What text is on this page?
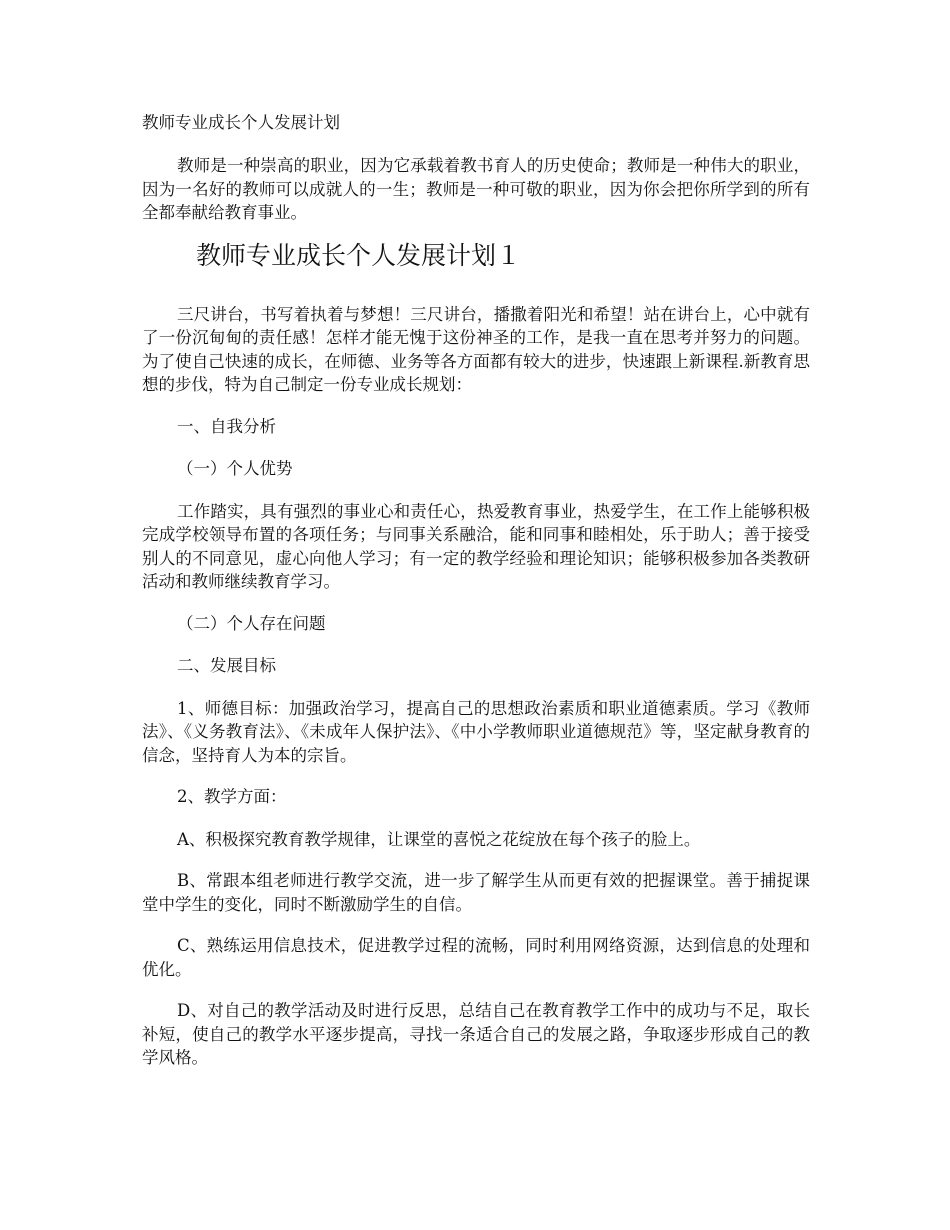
教师专业成长个人发展计划

教师是一种崇高的职业，因为它承载着教书育人的历史使命；教师是一种伟大的职业，因为一名好的教师可以成就人的一生；教师是一种可敬的职业，因为你会把你所学到的所有全都奉献给教育事业。

教师专业成长个人发展计划１

三尺讲台，书写着执着与梦想！三尺讲台，播撒着阳光和希望！站在讲台上，心中就有了一份沉甸甸的责任感！怎样才能无愧于这份神圣的工作，是我一直在思考并努力的问题。为了使自己快速的成长，在师德、业务等各方面都有较大的进步，快速跟上新课程.新教育思想的步伐，特为自己制定一份专业成长规划：

一、自我分析

（一）个人优势

工作踏实，具有强烈的事业心和责任心，热爱教育事业，热爱学生，在工作上能够积极完成学校领导布置的各项任务；与同事关系融洽，能和同事和睦相处，乐于助人；善于接受别人的不同意见，虚心向他人学习；有一定的教学经验和理论知识；能够积极参加各类教研活动和教师继续教育学习。

（二）个人存在问题

二、发展目标

1、师德目标：加强政治学习，提高自己的思想政治素质和职业道德素质。学习《教师法》、《义务教育法》、《未成年人保护法》、《中小学教师职业道德规范》等，坚定献身教育的信念，坚持育人为本的宗旨。

2、教学方面：

A、积极探究教育教学规律，让课堂的喜悦之花绽放在每个孩子的脸上。

B、常跟本组老师进行教学交流，进一步了解学生从而更有效的把握课堂。善于捕捉课堂中学生的变化，同时不断激励学生的自信。

C、熟练运用信息技术，促进教学过程的流畅，同时利用网络资源，达到信息的处理和优化。

D、对自己的教学活动及时进行反思，总结自己在教育教学工作中的成功与不足，取长补短，使自己的教学水平逐步提高，寻找一条适合自己的发展之路，争取逐步形成自己的教学风格。
